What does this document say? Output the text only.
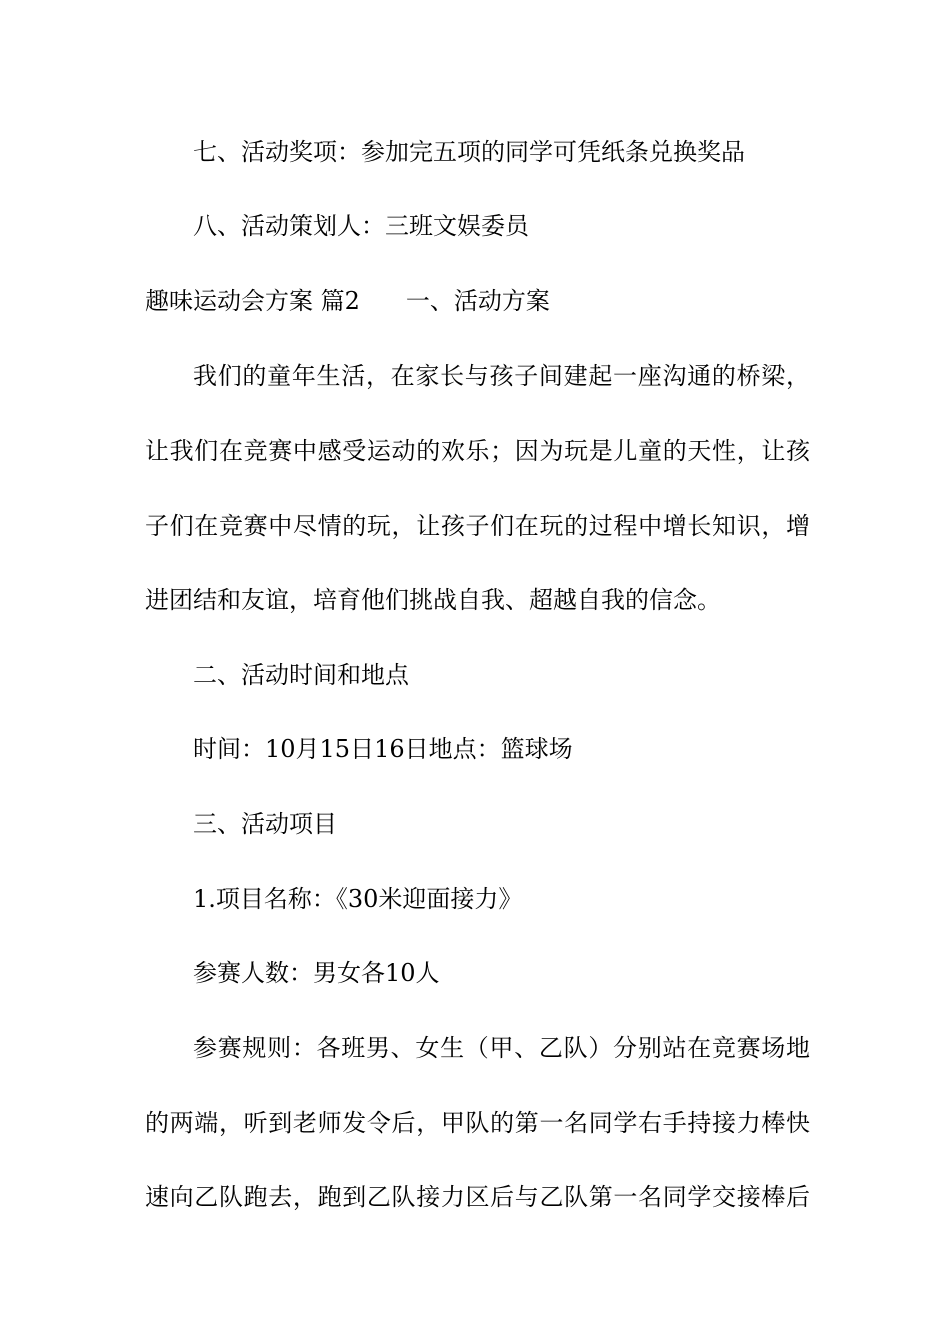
七、活动奖项：参加完五项的同学可凭纸条兑换奖品
八、活动策划人：三班文娱委员
趣味运动会方案 篇2 一、活动方案
我们的童年生活，在家长与孩子间建起一座沟通的桥梁，
让我们在竞赛中感受运动的欢乐；因为玩是儿童的天性，让孩
子们在竞赛中尽情的玩，让孩子们在玩的过程中增长知识，增
进团结和友谊，培育他们挑战自我、超越自我的信念。
二、活动时间和地点
时间：10月15日16日地点：篮球场
三、活动项目
1.项目名称：《30米迎面接力》
参赛人数：男女各10人
参赛规则：各班男、女生（甲、乙队）分别站在竞赛场地
的两端，听到老师发令后，甲队的第一名同学右手持接力棒快
速向乙队跑去，跑到乙队接力区后与乙队第一名同学交接棒后
